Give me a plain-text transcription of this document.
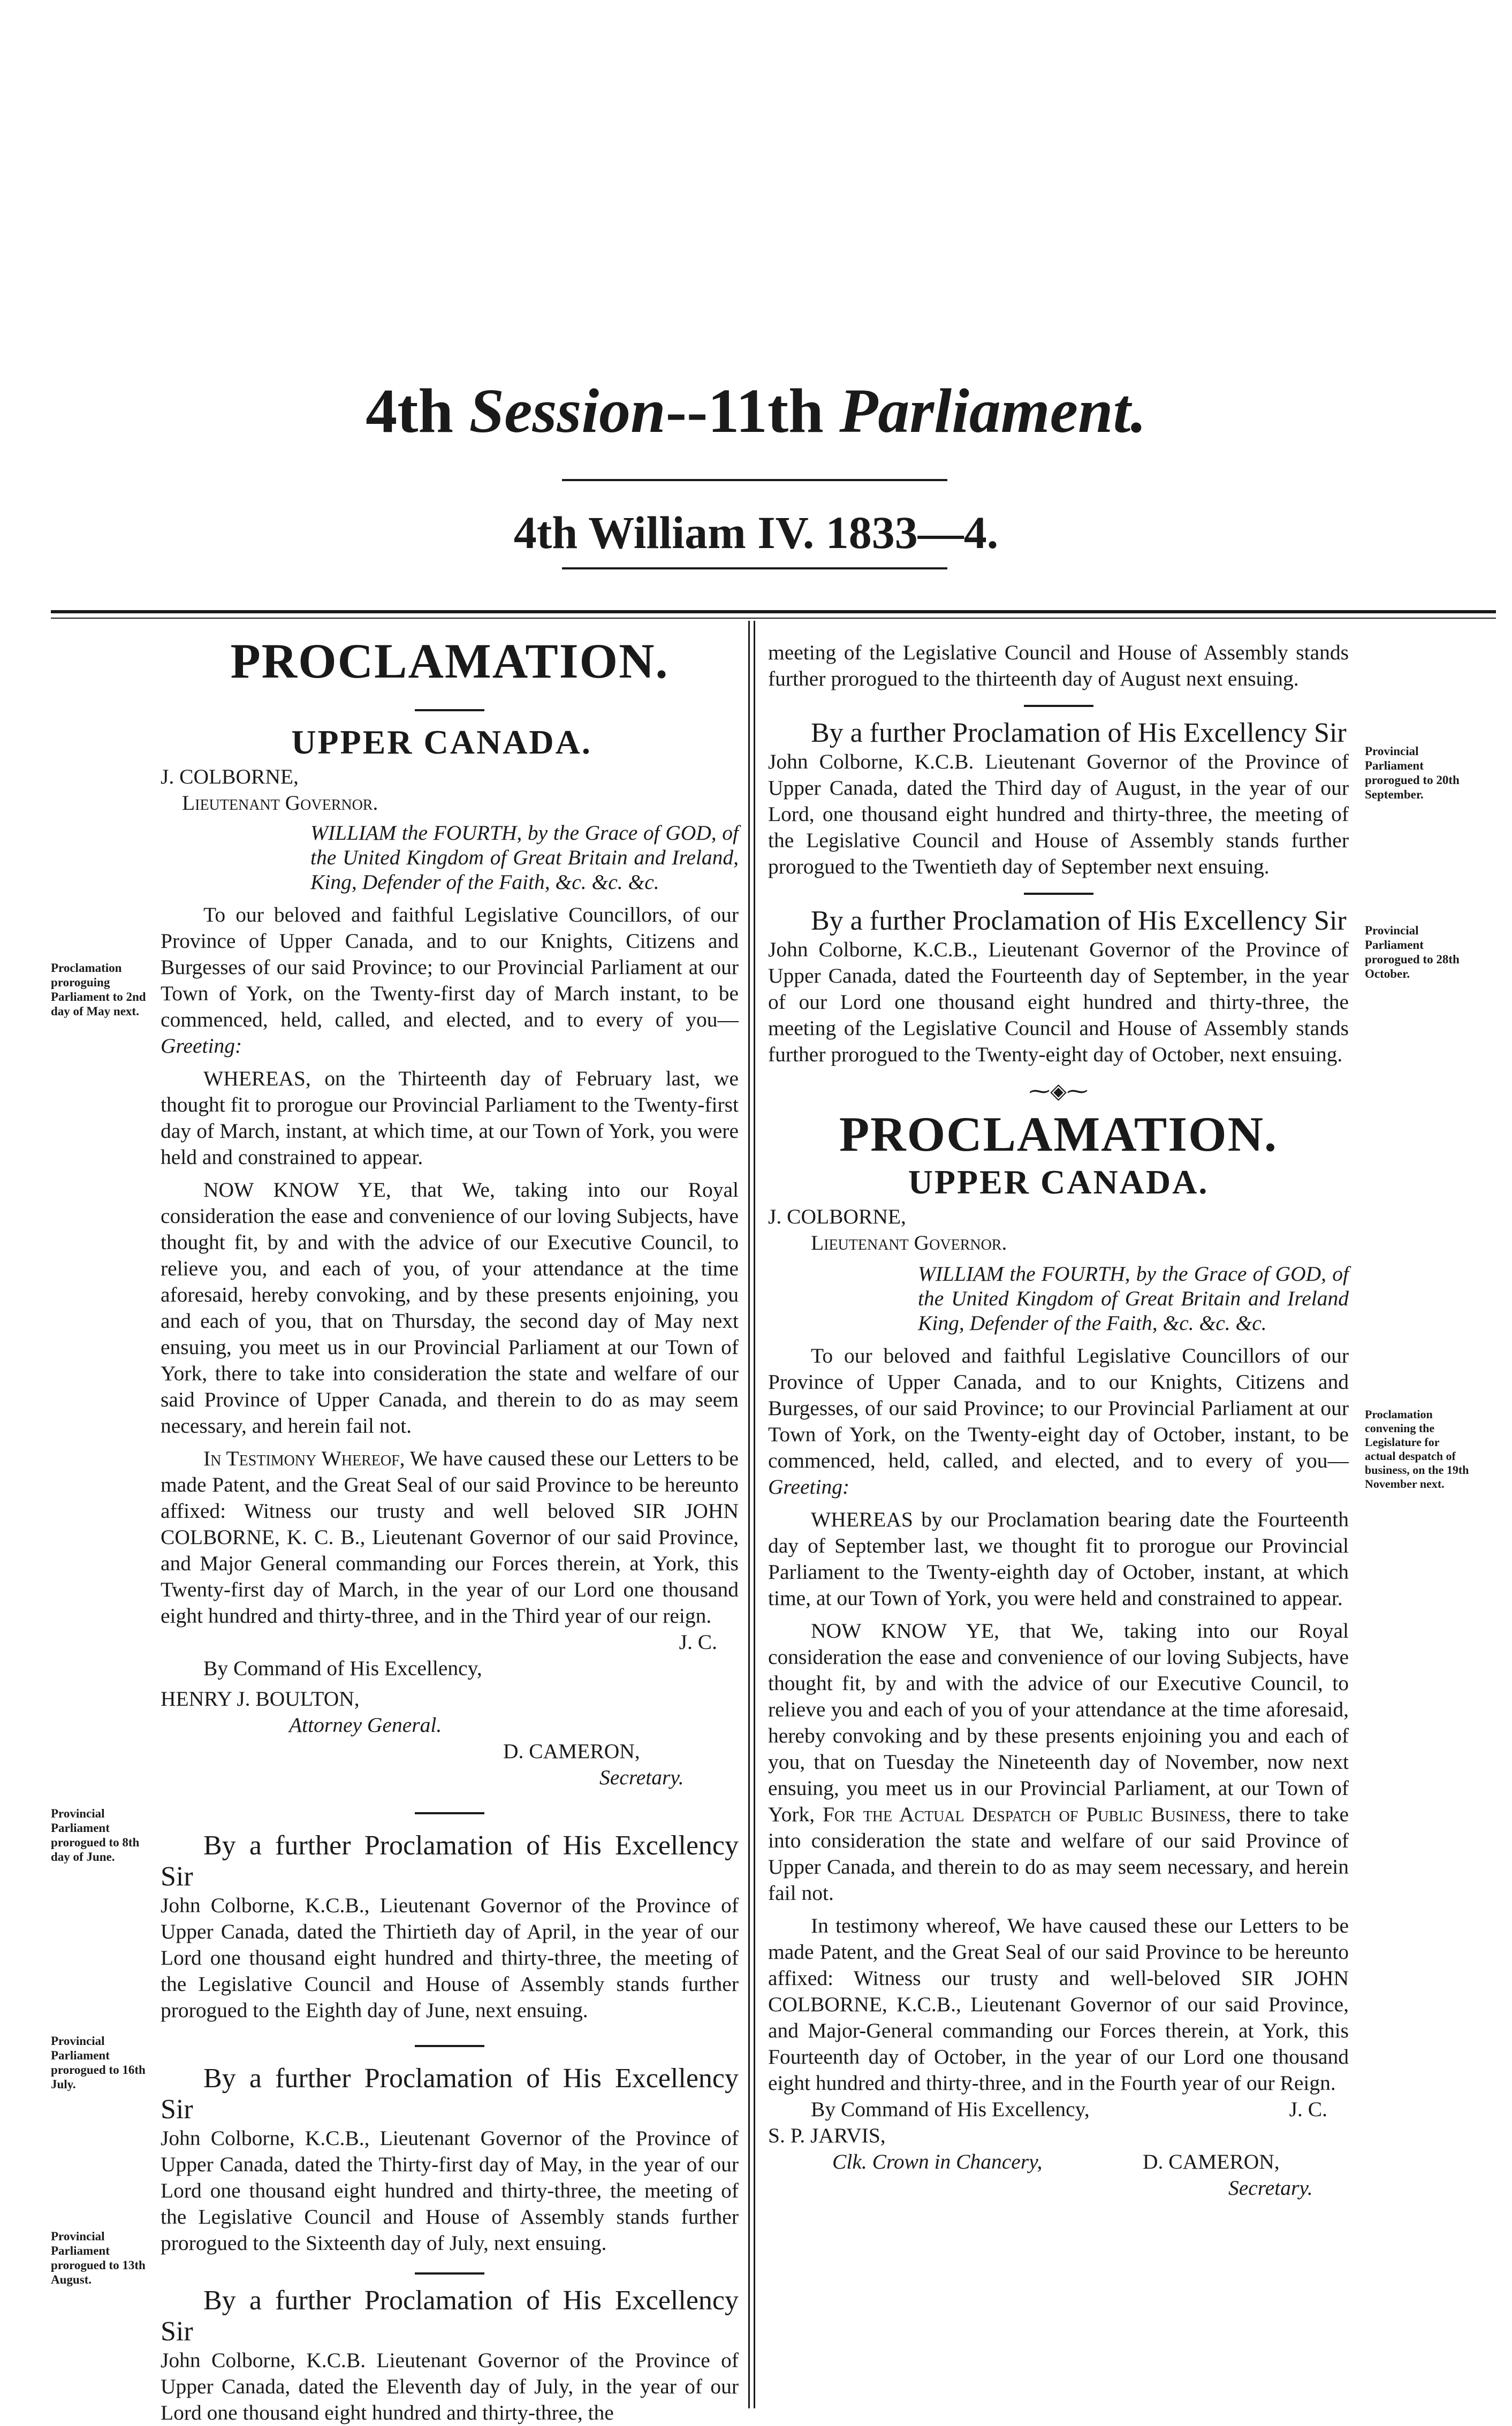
4th Session--11th Parliament.
4th William IV. 1833—4.
PROCLAMATION.
UPPER CANADA.

J. COLBORNE,

Lieutenant Governor.

WILLIAM the FOURTH, by the Grace of GOD, of the United Kingdom of Great Britain and Ireland, King, Defender of the Faith, &c. &c. &c.

To our beloved and faithful Legislative Councillors, of our Province of Upper Canada, and to our Knights, Citizens and Burgesses of our said Province; to our Provincial Parliament at our Town of York, on the Twenty-first day of March instant, to be commenced, held, called, and elected, and to every of you—Greeting:

WHEREAS, on the Thirteenth day of February last, we thought fit to prorogue our Provincial Parliament to the Twenty-first day of March, instant, at which time, at our Town of York, you were held and constrained to appear.

NOW KNOW YE, that We, taking into our Royal consideration the ease and convenience of our loving Subjects, have thought fit, by and with the advice of our Executive Council, to relieve you, and each of you, of your attendance at the time aforesaid, hereby convoking, and by these presents enjoining, you and each of you, that on Thursday, the second day of May next ensuing, you meet us in our Provincial Parliament at our Town of York, there to take into consideration the state and welfare of our said Province of Upper Canada, and therein to do as may seem necessary, and herein fail not.

In Testimony Whereof, We have caused these our Letters to be made Patent, and the Great Seal of our said Province to be hereunto affixed: Witness our trusty and well beloved SIR JOHN COLBORNE, K. C. B., Lieutenant Governor of our said Province, and Major General commanding our Forces therein, at York, this Twenty-first day of March, in the year of our Lord one thousand eight hundred and thirty-three, and in the Third year of our reign.

J. C.

By Command of His Excellency,

HENRY J. BOULTON,

Attorney General.

D. CAMERON,

Secretary.

By a further Proclamation of His Excellency Sir

John Colborne, K.C.B., Lieutenant Governor of the Province of Upper Canada, dated the Thirtieth day of April, in the year of our Lord one thousand eight hundred and thirty-three, the meeting of the Legislative Council and House of Assembly stands further prorogued to the Eighth day of June, next ensuing.

By a further Proclamation of His Excellency Sir

John Colborne, K.C.B., Lieutenant Governor of the Province of Upper Canada, dated the Thirty-first day of May, in the year of our Lord one thousand eight hundred and thirty-three, the meeting of the Legislative Council and House of Assembly stands further prorogued to the Sixteenth day of July, next ensuing.

By a further Proclamation of His Excellency Sir

John Colborne, K.C.B. Lieutenant Governor of the Province of Upper Canada, dated the Eleventh day of July, in the year of our Lord one thousand eight hundred and thirty-three, the

Proclamation proroguing Parliament to 2nd day of May next.
Provincial Parliament prorogued to 8th day of June.
Provincial Parliament prorogued to 16th July.
Provincial Parliament prorogued to 13th August.

meeting of the Legislative Council and House of Assembly stands further prorogued to the thirteenth day of August next ensuing.

By a further Proclamation of His Excellency Sir

John Colborne, K.C.B. Lieutenant Governor of the Province of Upper Canada, dated the Third day of August, in the year of our Lord, one thousand eight hundred and thirty-three, the meeting of the Legislative Council and House of Assembly stands further prorogued to the Twentieth day of September next ensuing.

By a further Proclamation of His Excellency Sir

John Colborne, K.C.B., Lieutenant Governor of the Province of Upper Canada, dated the Fourteenth day of September, in the year of our Lord one thousand eight hundred and thirty-three, the meeting of the Legislative Council and House of Assembly stands further prorogued to the Twenty-eight day of October, next ensuing.

⁓◈⁓
PROCLAMATION.
UPPER CANADA.

J. COLBORNE,

Lieutenant Governor.

WILLIAM the FOURTH, by the Grace of GOD, of the United Kingdom of Great Britain and Ireland King, Defender of the Faith, &c. &c. &c.

To our beloved and faithful Legislative Councillors of our Province of Upper Canada, and to our Knights, Citizens and Burgesses, of our said Province; to our Provincial Parliament at our Town of York, on the Twenty-eight day of October, instant, to be commenced, held, called, and elected, and to every of you—Greeting:

WHEREAS by our Proclamation bearing date the Fourteenth day of September last, we thought fit to prorogue our Provincial Parliament to the Twenty-eighth day of October, instant, at which time, at our Town of York, you were held and constrained to appear.

NOW KNOW YE, that We, taking into our Royal consideration the ease and convenience of our loving Subjects, have thought fit, by and with the advice of our Executive Council, to relieve you and each of you of your attendance at the time aforesaid, hereby convoking and by these presents enjoining you and each of you, that on Tuesday the Nineteenth day of November, now next ensuing, you meet us in our Provincial Parliament, at our Town of York, For the Actual Despatch of Public Business, there to take into consideration the state and welfare of our said Province of Upper Canada, and therein to do as may seem necessary, and herein fail not.

In testimony whereof, We have caused these our Letters to be made Patent, and the Great Seal of our said Province to be hereunto affixed: Witness our trusty and well-beloved SIR JOHN COLBORNE, K.C.B., Lieutenant Governor of our said Province, and Major-General commanding our Forces therein, at York, this Fourteenth day of October, in the year of our Lord one thousand eight hundred and thirty-three, and in the Fourth year of our Reign.

J. C.

By Command of His Excellency,

S. P. JARVIS,

Clk. Crown in Chancery,	D. CAMERON,

Secretary.

Provincial Parliament prorogued to 20th September.
Provincial Parliament prorogued to 28th October.
Proclamation convening the Legislature for actual despatch of business, on the 19th November next.
